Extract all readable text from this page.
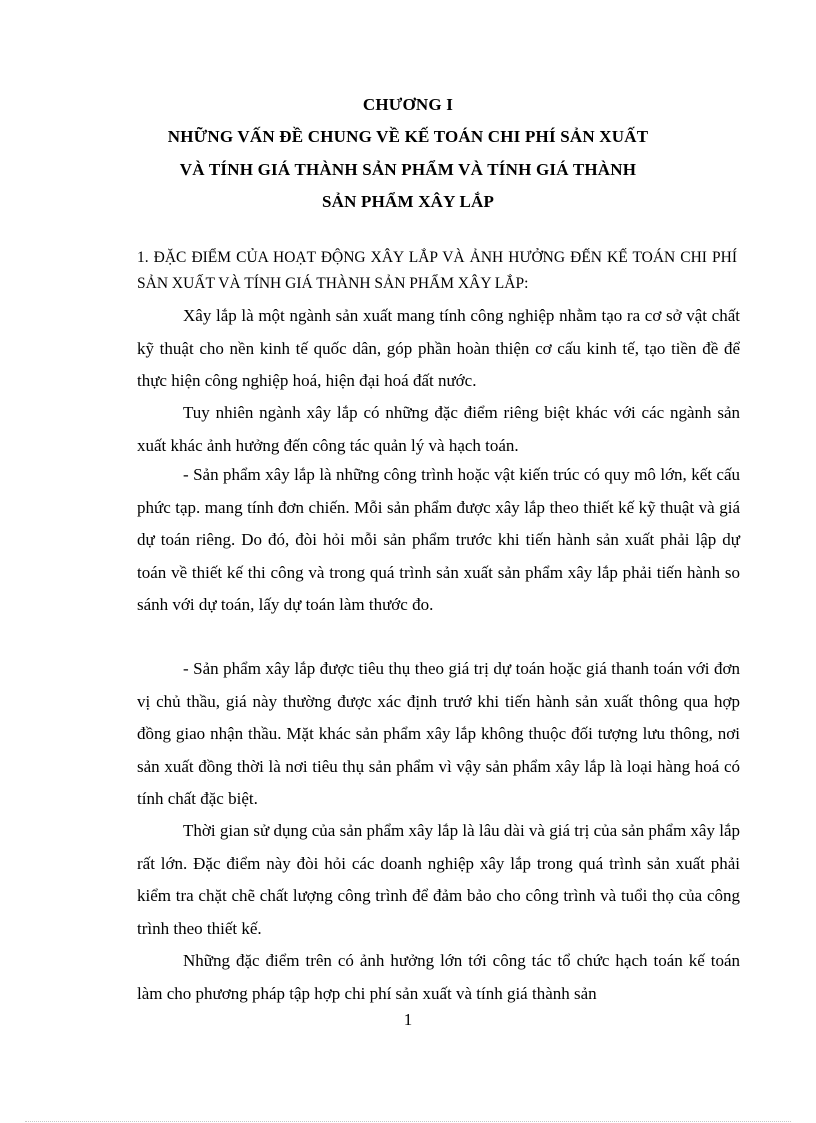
CHƯƠNG I
NHỮNG VẤN ĐỀ CHUNG VỀ KẾ TOÁN CHI PHÍ SẢN XUẤT
VÀ TÍNH GIÁ THÀNH SẢN PHẨM VÀ TÍNH GIÁ THÀNH
SẢN PHẨM XÂY LẮP
1. ĐẶC ĐIỂM CỦA HOẠT ĐỘNG XÂY LẮP VÀ ẢNH HƯỞNG ĐẾN KẾ TOÁN CHI PHÍ SẢN XUẤT VÀ TÍNH GIÁ THÀNH SẢN PHẨM XÂY LẮP:

Xây lắp là một ngành sản xuất mang tính công nghiệp nhằm tạo ra cơ sở vật chất kỹ thuật cho nền kinh tế quốc dân, góp phần hoàn thiện cơ cấu kinh tế, tạo tiền đề để thực hiện công nghiệp hoá, hiện đại hoá đất nước.

Tuy nhiên ngành xây lắp có những đặc điểm riêng biệt khác với các ngành sản xuất khác ảnh hưởng đến công tác quản lý và hạch toán.

- Sản phẩm xây lắp là những công trình hoặc vật kiến trúc có quy mô lớn, kết cấu phức tạp. mang tính đơn chiến. Mỗi sản phẩm được xây lắp theo thiết kế kỹ thuật và giá dự toán riêng. Do đó, đòi hỏi mỗi sản phẩm trước khi tiến hành sản xuất phải lập dự toán về thiết kế thi công và trong quá trình sản xuất sản phẩm xây lắp phải tiến hành so sánh với dự toán, lấy dự toán làm thước đo.

- Sản phẩm xây lắp được tiêu thụ theo giá trị dự toán hoặc giá thanh toán với đơn vị chủ thầu, giá này thường được xác định trướ khi tiến hành sản xuất thông qua hợp đồng giao nhận thầu. Mặt khác sản phẩm xây lắp không thuộc đối tượng lưu thông, nơi sản xuất đồng thời là nơi tiêu thụ sản phẩm vì vậy sản phẩm xây lắp là loại hàng hoá có tính chất đặc biệt.

Thời gian sử dụng của sản phẩm xây lắp là lâu dài và giá trị của sản phẩm xây lắp rất lớn. Đặc điểm này đòi hỏi các doanh nghiệp xây lắp trong quá trình sản xuất phải kiểm tra chặt chẽ chất lượng công trình để đảm bảo cho công trình và tuổi thọ của công trình theo thiết kế.

Những đặc điểm trên có ảnh hưởng lớn tới công tác tổ chức hạch toán kế toán làm cho phương pháp tập hợp chi phí sản xuất và tính giá thành sản

1
